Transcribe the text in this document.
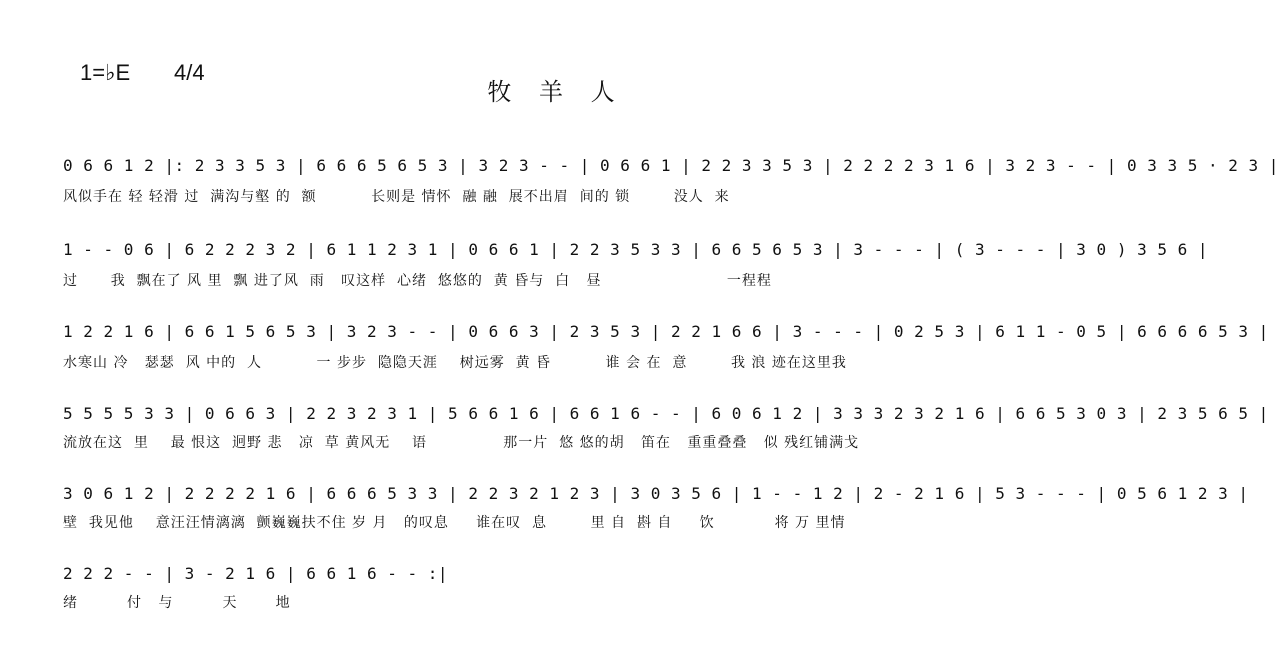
1=♭E 4/4
牧 羊 人
0 6 6 1 2 |: 2 3 3 5 3 | 6 6 6 5 6 5 3 | 3 2 3 - - | 0 6 6 1 | 2 2 3 3 5 3 | 2 2 2 2 3 1 6 | 3 2 3 - - | 0 3 3 5 · 2 3 |
风似手在 轻 轻滑 过  满沟与壑 的  额          长则是 情怀  融 融  展不出眉  间的 锁        没人  来
1 - - 0 6 | 6 2 2 2 3 2 | 6 1 1 2 3 1 | 0 6 6 1 | 2 2 3 5 3 3 | 6 6 5 6 5 3 | 3 - - - | ( 3 - - - | 3 0 ) 3 5 6 |
过      我  飘在了 风 里  飘 进了风  雨   叹这样  心绪  悠悠的  黄 昏与  白   昼                       一程程
1 2 2 1 6 | 6 6 1 5 6 5 3 | 3 2 3 - - | 0 6 6 3 | 2 3 5 3 | 2 2 1 6 6 | 3 - - - | 0 2 5 3 | 6 1 1 - 0 5 | 6 6 6 6 5 3 |
水寒山 冷   瑟瑟  风 中的  人          一 步步  隐隐天涯    树远雾  黄 昏          谁 会 在  意        我 浪 迹在这里我
5 5 5 5 3 3 | 0 6 6 3 | 2 2 3 2 3 1 | 5 6 6 1 6 | 6 6 1 6 - - | 6 0 6 1 2 | 3 3 3 2 3 2 1 6 | 6 6 5 3 0 3 | 2 3 5 6 5 |
流放在这  里    最 恨这  迥野 悲   凉  草 黄风无    语              那一片  悠 悠的胡   笛在   重重叠叠   似 残红铺满戈
3 0 6 1 2 | 2 2 2 2 1 6 | 6 6 6 5 3 3 | 2 2 3 2 1 2 3 | 3 0 3 5 6 | 1 - - 1 2 | 2 - 2 1 6 | 5 3 - - - | 0 5 6 1 2 3 |
壁  我见他    意汪汪情漓漓  颤巍巍扶不住 岁 月   的叹息     谁在叹  息        里 自  斟 自     饮           将 万 里情
2 2 2 - - | 3 - 2 1 6 | 6 6 1 6 - - :|
绪         付   与         天       地
